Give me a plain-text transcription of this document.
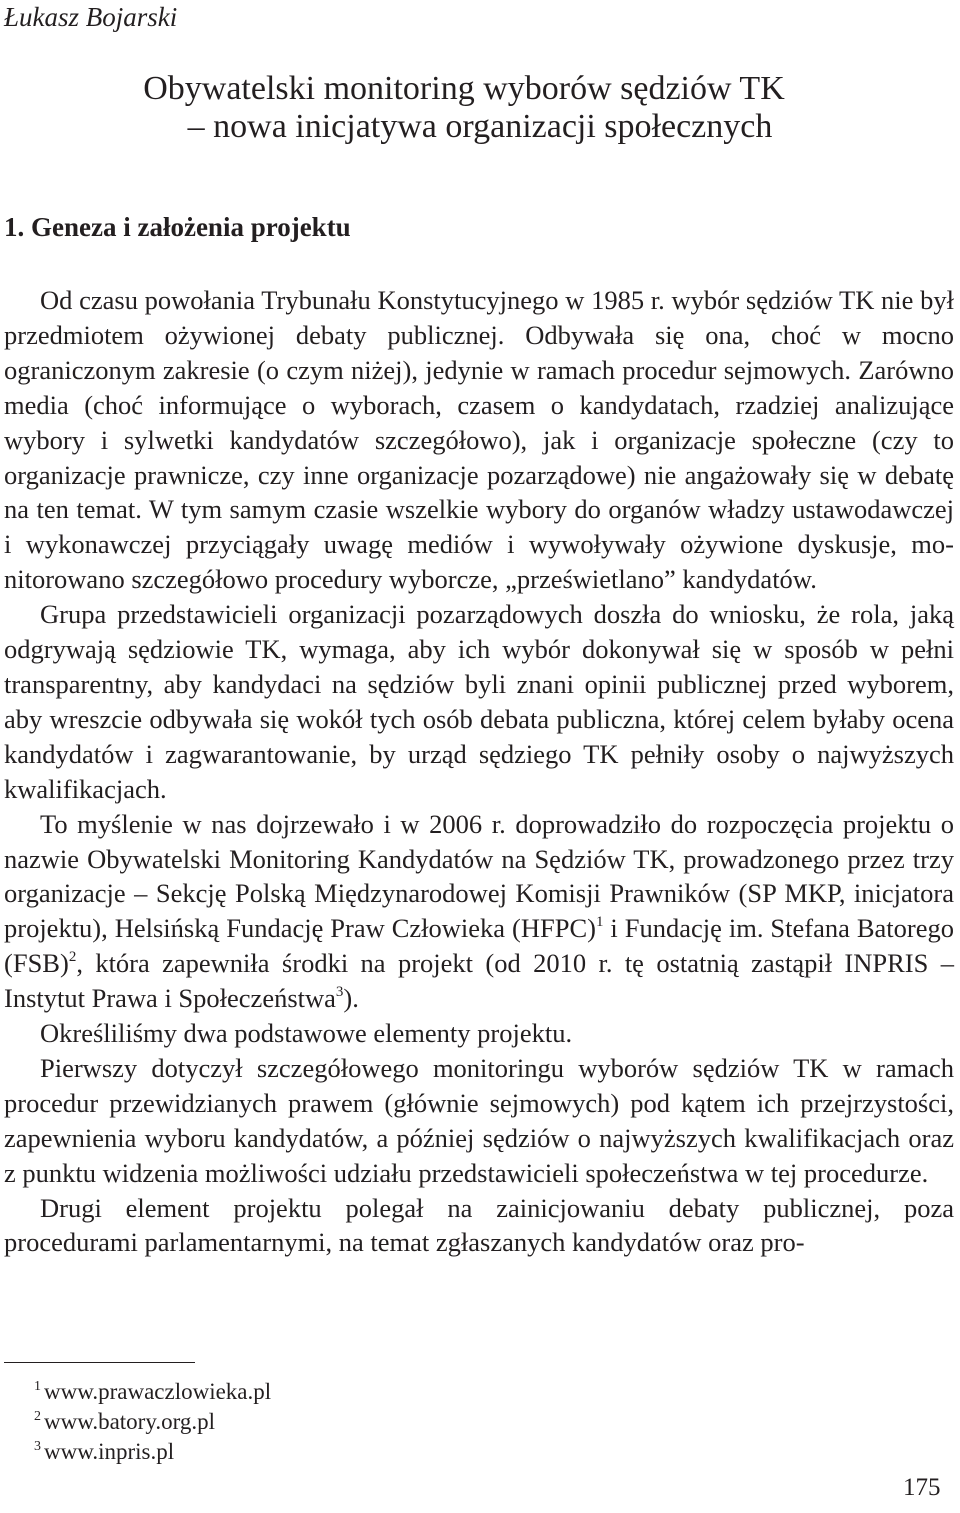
Łukasz Bojarski
Obywatelski monitoring wyborów sędziów TK
– nowa inicjatywa organizacji społecznych
1. Geneza i założenia projektu

Od czasu powołania Trybunału Konstytucyjnego w 1985 r. wybór sędziów TK nie był przedmiotem ożywionej debaty publicznej. Odbywała się ona, choć w mocno ograniczonym zakresie (o czym niżej), jedynie w ramach procedur sejmowych. Zarówno media (choć informujące o wyborach, czasem o kandydatach, rzadziej analizujące wybory i sylwetki kandydatów szczegółowo), jak i organizacje społeczne (czy to organizacje prawnicze, czy inne organizacje pozarządowe) nie angażowały się w debatę na ten temat. W tym samym czasie wszelkie wybory do organów władzy ustawodawczej i wykonawczej przyciągały uwagę mediów i wywoływały ożywione dyskusje, monitorowano szczegółowo procedury wyborcze, „prześwietlano” kandydatów.

Grupa przedstawicieli organizacji pozarządowych doszła do wniosku, że rola, jaką odgrywają sędziowie TK, wymaga, aby ich wybór dokonywał się w sposób w pełni transparentny, aby kandydaci na sędziów byli znani opinii publicznej przed wyborem, aby wreszcie odbywała się wokół tych osób debata publiczna, której celem byłaby ocena kandydatów i zagwarantowanie, by urząd sędziego TK pełniły osoby o najwyższych kwalifikacjach.

To myślenie w nas dojrzewało i w 2006 r. doprowadziło do rozpoczęcia projektu o nazwie Obywatelski Monitoring Kandydatów na Sędziów TK, prowadzonego przez trzy organizacje – Sekcję Polską Międzynarodowej Komisji Prawników (SP MKP, inicjatora projektu), Helsińską Fundację Praw Człowieka (HFPC)$^1$ i Fundację im. Stefana Batorego (FSB)$^2$, która zapewniła środki na projekt (od 2010 r. tę ostatnią zastąpił INPRIS – Instytut Prawa i Społeczeństwa$^3$).

Określiliśmy dwa podstawowe elementy projektu.

Pierwszy dotyczył szczegółowego monitoringu wyborów sędziów TK w ramach procedur przewidzianych prawem (głównie sejmowych) pod kątem ich przejrzystości, zapewnienia wyboru kandydatów, a później sędziów o najwyższych kwalifikacjach oraz z punktu widzenia możliwości udziału przedstawicieli społeczeństwa w tej procedurze.

Drugi element projektu polegał na zainicjowaniu debaty publicznej, poza procedurami parlamentarnymi, na temat zgłaszanych kandydatów oraz pro-

$^1$ www.prawaczlowieka.pl
$^2$ www.batory.org.pl
$^3$ www.inpris.pl
175
